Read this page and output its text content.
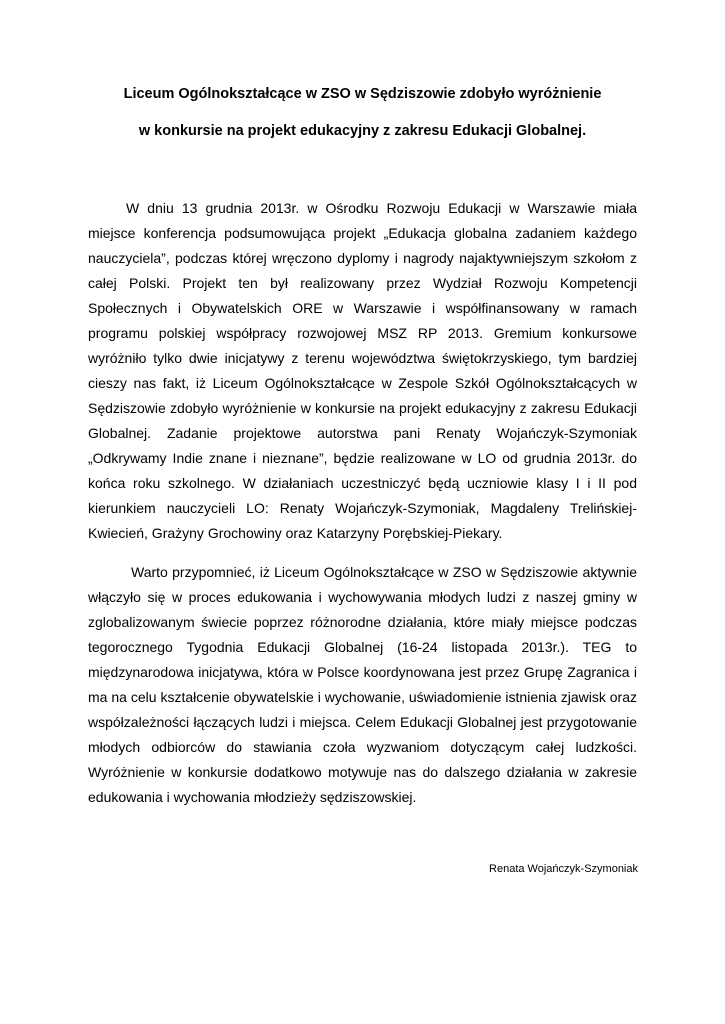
Liceum Ogólnokształcące w ZSO w Sędziszowie zdobyło wyróżnienie
w konkursie na projekt edukacyjny z zakresu Edukacji Globalnej.

W dniu 13 grudnia 2013r. w Ośrodku Rozwoju Edukacji w Warszawie miała miejsce konferencja podsumowująca projekt „Edukacja globalna zadaniem każdego nauczyciela”, podczas której wręczono dyplomy i nagrody najaktywniejszym szkołom z całej Polski. Projekt ten był realizowany przez Wydział Rozwoju Kompetencji Społecznych i Obywatelskich ORE w Warszawie i współfinansowany w ramach programu polskiej współpracy rozwojowej MSZ RP 2013. Gremium konkursowe wyróżniło tylko dwie inicjatywy z terenu województwa świętokrzyskiego, tym bardziej cieszy nas fakt, iż Liceum Ogólnokształcące w Zespole Szkół Ogólnokształcących w Sędziszowie zdobyło wyróżnienie w konkursie na projekt edukacyjny z zakresu Edukacji Globalnej. Zadanie projektowe autorstwa pani Renaty Wojańczyk-Szymoniak „Odkrywamy Indie znane i nieznane”, będzie realizowane w LO od grudnia 2013r. do końca roku szkolnego. W działaniach uczestniczyć będą uczniowie klasy I i II pod kierunkiem nauczycieli LO: Renaty Wojańczyk-Szymoniak, Magdaleny Trelińskiej-Kwiecień, Grażyny Grochowiny oraz Katarzyny Porębskiej-Piekary.

Warto przypomnieć, iż Liceum Ogólnokształcące w ZSO w Sędziszowie aktywnie włączyło się w proces edukowania i wychowywania młodych ludzi z naszej gminy w zglobalizowanym świecie poprzez różnorodne działania, które miały miejsce podczas tegorocznego Tygodnia Edukacji Globalnej (16-24 listopada 2013r.). TEG to międzynarodowa inicjatywa, która w Polsce koordynowana jest przez Grupę Zagranica i ma na celu kształcenie obywatelskie i wychowanie, uświadomienie istnienia zjawisk oraz współzależności łączących ludzi i miejsca. Celem Edukacji Globalnej jest przygotowanie młodych odbiorców do stawiania czoła wyzwaniom dotyczącym całej ludzkości. Wyróżnienie w konkursie dodatkowo motywuje nas do dalszego działania w zakresie edukowania i wychowania młodzieży sędziszowskiej.

Renata Wojańczyk-Szymoniak
